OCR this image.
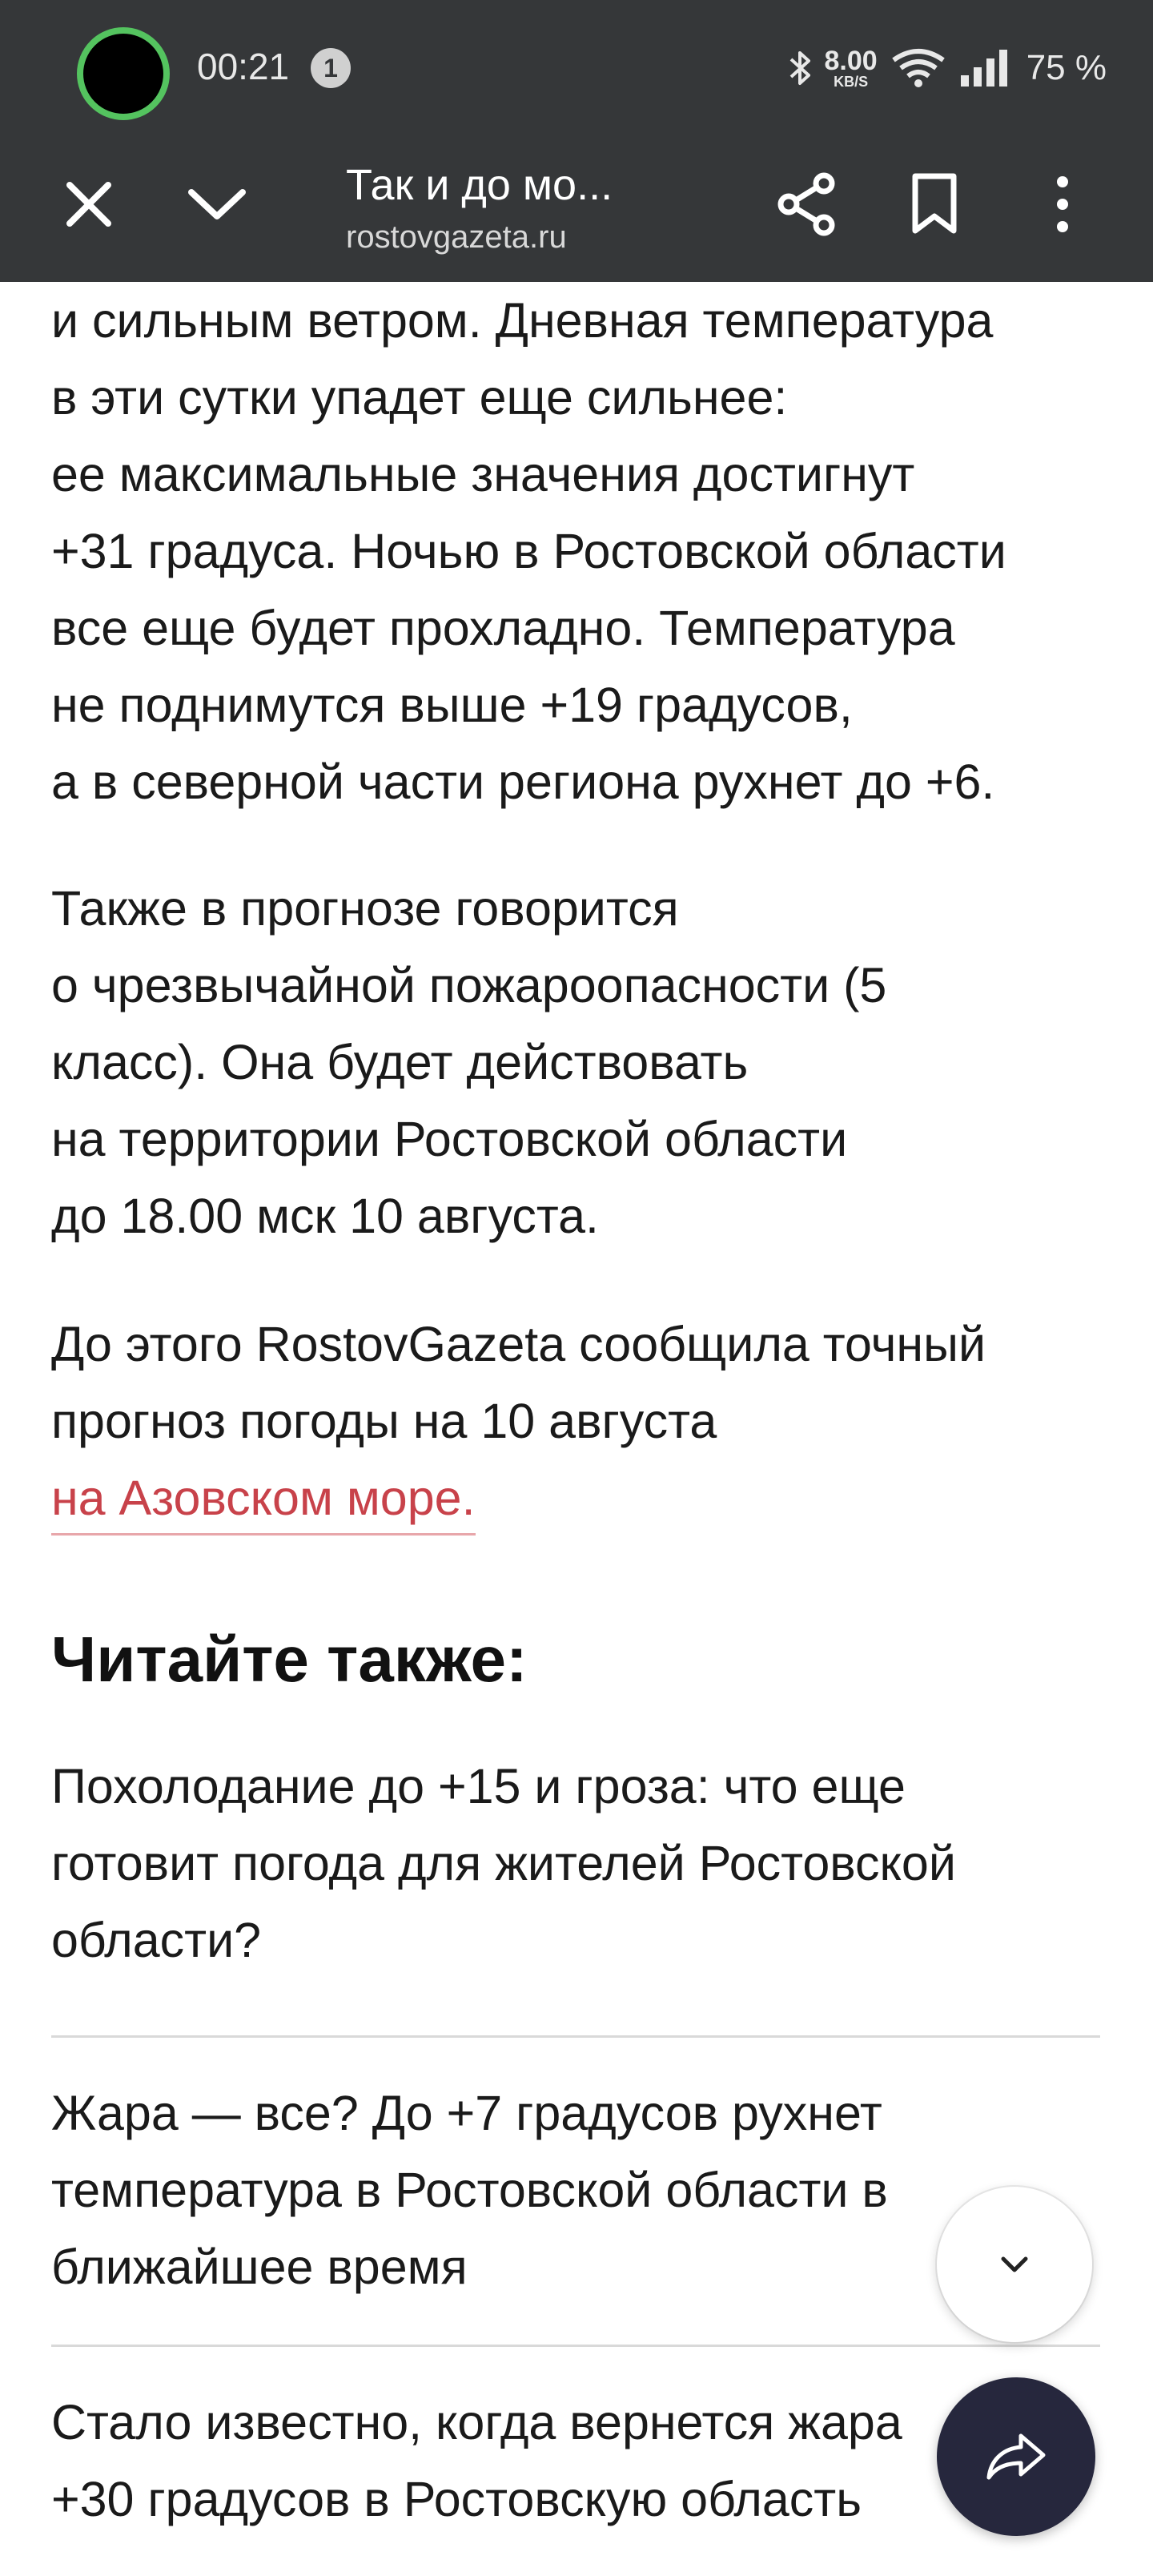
00:21	1	8.00
KB/S	75 %
Так и до мо...
rostovgazeta.ru
и сильным ветром. Дневная температура
в эти сутки упадет еще сильнее:
ее максимальные значения достигнут
+31 градуса. Ночью в Ростовской области
все еще будет прохладно. Температура
не поднимутся выше +19 градусов,
а в северной части региона рухнет до +6.
Также в прогнозе говорится
о чрезвычайной пожароопасности (5
класс). Она будет действовать
на территории Ростовской области
до 18.00 мск 10 августа.
До этого RostovGazeta сообщила точный
прогноз погоды на 10 августа
на Азовском море.
Читайте также:
Похолодание до +15 и гроза: что еще
готовит погода для жителей Ростовской
области?
Жара — все? До +7 градусов рухнет
температура в Ростовской области в
ближайшее время
Стало известно, когда вернется жара
+30 градусов в Ростовскую область
